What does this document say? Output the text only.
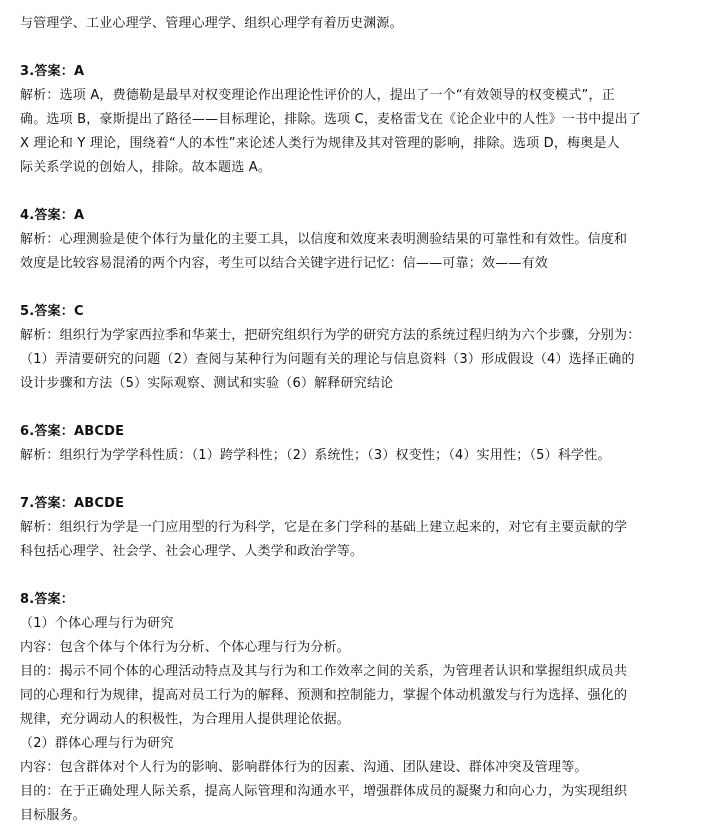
与管理学、工业心理学、管理心理学、组织心理学有着历史渊源。
3.答案：A
解析：选项 A，费德勒是最早对权变理论作出理论性评价的人，提出了一个“有效领导的权变模式”，正
确。选项 B，豪斯提出了路径——目标理论，排除。选项 C，麦格雷戈在《论企业中的人性》一书中提出了
X 理论和 Y 理论，围绕着“人的本性”来论述人类行为规律及其对管理的影响，排除。选项 D，梅奥是人
际关系学说的创始人，排除。故本题选 A。
4.答案：A
解析：心理测验是使个体行为量化的主要工具，以信度和效度来表明测验结果的可靠性和有效性。信度和
效度是比较容易混淆的两个内容，考生可以结合关键字进行记忆：信——可靠；效——有效
5.答案：C
解析：组织行为学家西拉季和华莱士，把研究组织行为学的研究方法的系统过程归纳为六个步骤，分别为：
（1）弄清要研究的问题（2）查阅与某种行为问题有关的理论与信息资料（3）形成假设（4）选择正确的
设计步骤和方法（5）实际观察、测试和实验（6）解释研究结论
6.答案：ABCDE
解析：组织行为学学科性质：（1）跨学科性；（2）系统性；（3）权变性；（4）实用性；（5）科学性。
7.答案：ABCDE
解析：组织行为学是一门应用型的行为科学，它是在多门学科的基础上建立起来的，对它有主要贡献的学
科包括心理学、社会学、社会心理学、人类学和政治学等。
8.答案：
（1）个体心理与行为研究
内容：包含个体与个体行为分析、个体心理与行为分析。
目的：揭示不同个体的心理活动特点及其与行为和工作效率之间的关系，为管理者认识和掌握组织成员共
同的心理和行为规律，提高对员工行为的解释、预测和控制能力，掌握个体动机激发与行为选择、强化的
规律，充分调动人的积极性，为合理用人提供理论依据。
（2）群体心理与行为研究
内容：包含群体对个人行为的影响、影响群体行为的因素、沟通、团队建设、群体冲突及管理等。
目的：在于正确处理人际关系，提高人际管理和沟通水平，增强群体成员的凝聚力和向心力，为实现组织
目标服务。
